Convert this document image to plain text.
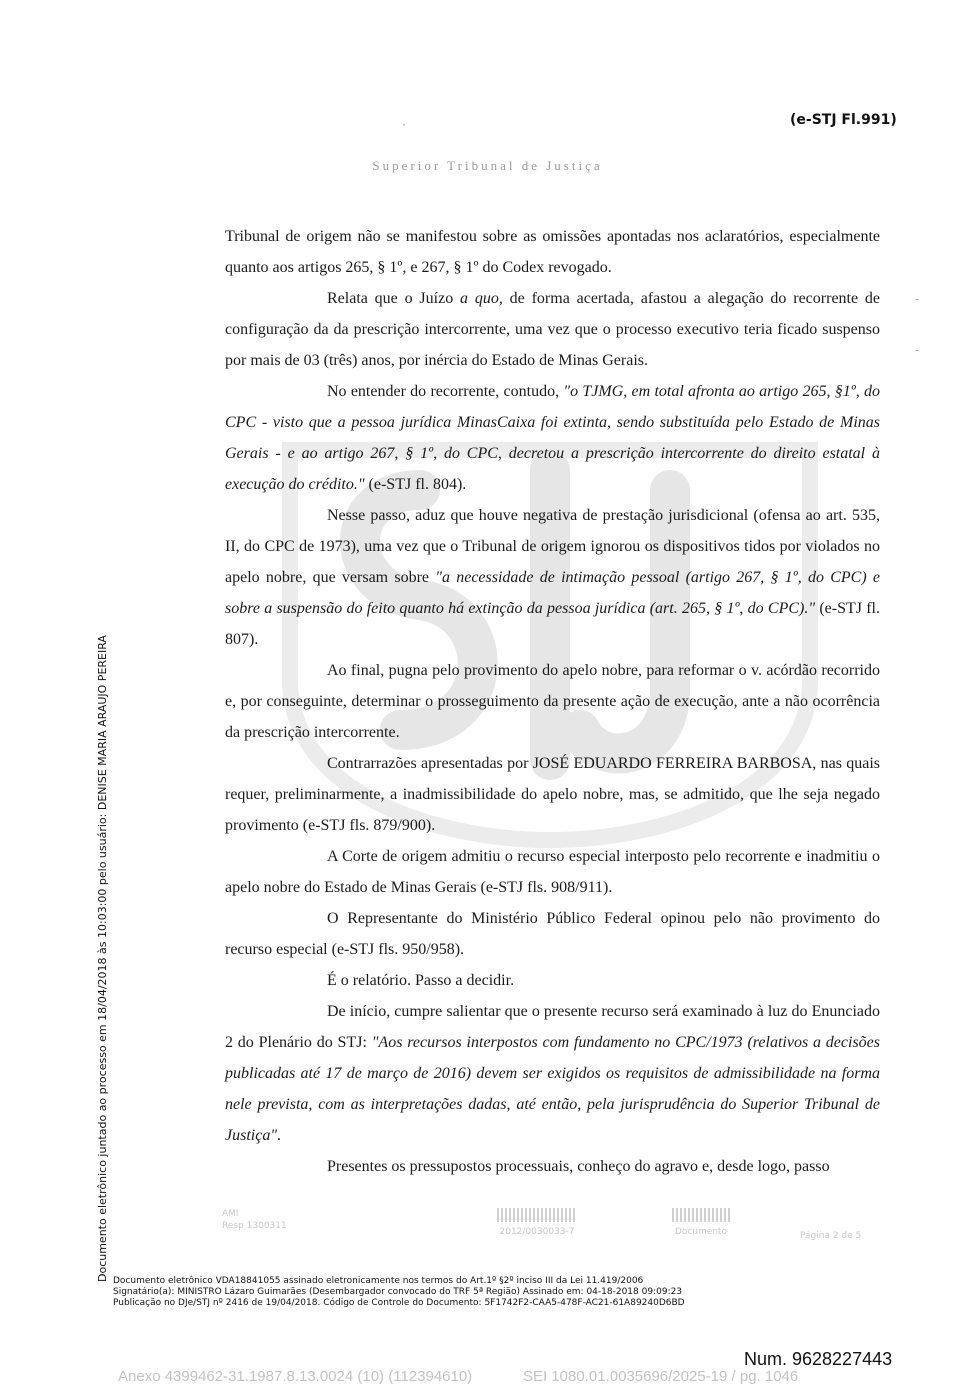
(e-STJ Fl.991)
Superior Tribunal de Justiça

Tribunal de origem não se manifestou sobre as omissões apontadas nos aclaratórios, especialmente quanto aos artigos 265, § 1º, e 267, § 1º do Codex revogado.

Relata que o Juízo a quo, de forma acertada, afastou a alegação do recorrente de configuração da da prescrição intercorrente, uma vez que o processo executivo teria ficado suspenso por mais de 03 (três) anos, por inércia do Estado de Minas Gerais.

No entender do recorrente, contudo, "o TJMG, em total afronta ao artigo 265, §1º, do CPC - visto que a pessoa jurídica MinasCaixa foi extinta, sendo substituída pelo Estado de Minas Gerais - e ao artigo 267, § 1º, do CPC, decretou a prescrição intercorrente do direito estatal à execução do crédito." (e-STJ fl. 804).

Nesse passo, aduz que houve negativa de prestação jurisdicional (ofensa ao art. 535, II, do CPC de 1973), uma vez que o Tribunal de origem ignorou os dispositivos tidos por violados no apelo nobre, que versam sobre "a necessidade de intimação pessoal (artigo 267, § 1º, do CPC) e sobre a suspensão do feito quanto há extinção da pessoa jurídica (art. 265, § 1º, do CPC)." (e-STJ fl. 807).

Ao final, pugna pelo provimento do apelo nobre, para reformar o v. acórdão recorrido e, por conseguinte, determinar o prosseguimento da presente ação de execução, ante a não ocorrência da prescrição intercorrente.

Contrarrazões apresentadas por JOSÉ EDUARDO FERREIRA BARBOSA, nas quais requer, preliminarmente, a inadmissibilidade do apelo nobre, mas, se admitido, que lhe seja negado provimento (e-STJ fls. 879/900).

A Corte de origem admitiu o recurso especial interposto pelo recorrente e inadmitiu o apelo nobre do Estado de Minas Gerais (e-STJ fls. 908/911).

O Representante do Ministério Público Federal opinou pelo não provimento do recurso especial (e-STJ fls. 950/958).

É o relatório. Passo a decidir.

De início, cumpre salientar que o presente recurso será examinado à luz do Enunciado 2 do Plenário do STJ: "Aos recursos interpostos com fundamento no CPC/1973 (relativos a decisões publicadas até 17 de março de 2016) devem ser exigidos os requisitos de admissibilidade na forma nele prevista, com as interpretações dadas, até então, pela jurisprudência do Superior Tribunal de Justiça".

Presentes os pressupostos processuais, conheço do agravo e, desde logo, passo

AMI
Resp 1300311
2012/0030033-7	Documento	Página 2 de 5
Documento eletrônico juntado ao processo em 18/04/2018 às 10:03:00 pelo usuário: DENISE MARIA ARAUJO PEREIRA Documento eletrônico VDA18841055 assinado eletronicamente nos termos do Art.1º §2º inciso III da Lei 11.419/2006
Signatário(a): MINISTRO Lázaro Guimarães (Desembargador convocado do TRF 5ª Região) Assinado em: 04-18-2018 09:09:23
Publicação no DJe/STJ nº 2416 de 19/04/2018. Código de Controle do Documento: 5F1742F2-CAA5-478F-AC21-61A89240D6BD
Num. 9628227443
Anexo 4399462-31.1987.8.13.0024 (10) (112394610)	SEI 1080.01.0035696/2025-19 / pg. 1046
·
-
-
